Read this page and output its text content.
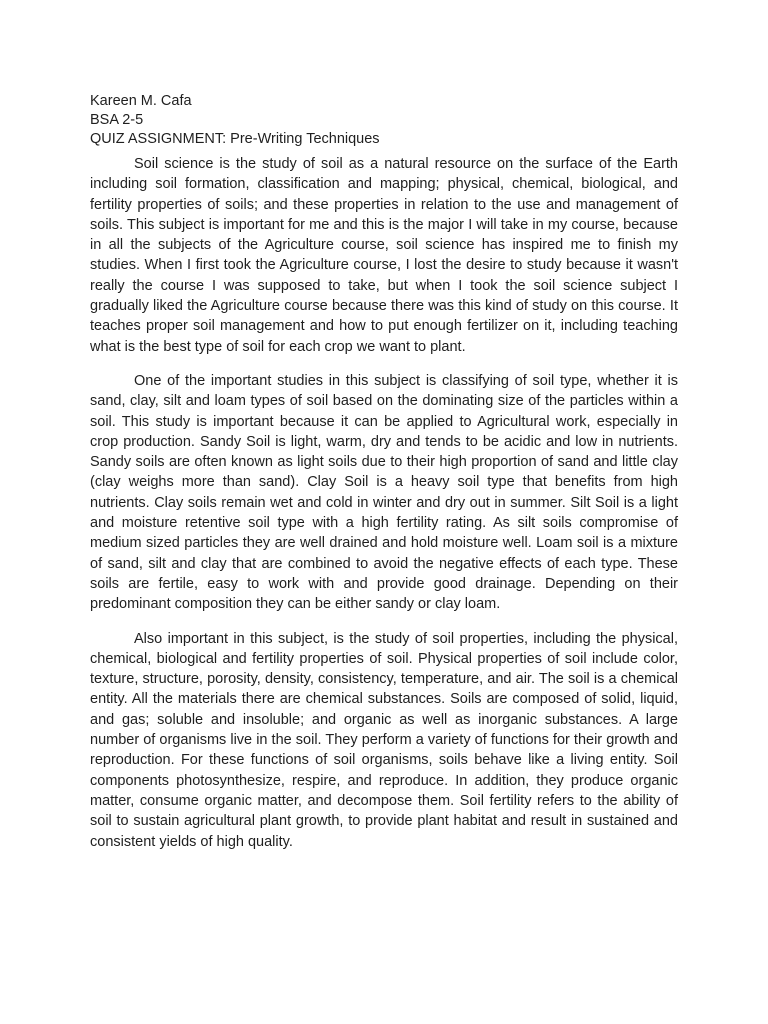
Kareen M. Cafa

BSA 2-5

QUIZ ASSIGNMENT: Pre-Writing Techniques

Soil science is the study of soil as a natural resource on the surface of the Earth including soil formation, classification and mapping; physical, chemical, biological, and fertility properties of soils; and these properties in relation to the use and management of soils. This subject is important for me and this is the major I will take in my course, because in all the subjects of the Agriculture course, soil science has inspired me to finish my studies. When I first took the Agriculture course, I lost the desire to study because it wasn't really the course I was supposed to take, but when I took the soil science subject I gradually liked the Agriculture course because there was this kind of study on this course. It teaches proper soil management and how to put enough fertilizer on it, including teaching what is the best type of soil for each crop we want to plant.

One of the important studies in this subject is classifying of soil type, whether it is sand, clay, silt and loam types of soil based on the dominating size of the particles within a soil. This study is important because it can be applied to Agricultural work, especially in crop production. Sandy Soil is light, warm, dry and tends to be acidic and low in nutrients. Sandy soils are often known as light soils due to their high proportion of sand and little clay (clay weighs more than sand). Clay Soil is a heavy soil type that benefits from high nutrients. Clay soils remain wet and cold in winter and dry out in summer. Silt Soil is a light and moisture retentive soil type with a high fertility rating. As silt soils compromise of medium sized particles they are well drained and hold moisture well. Loam soil is a mixture of sand, silt and clay that are combined to avoid the negative effects of each type. These soils are fertile, easy to work with and provide good drainage. Depending on their predominant composition they can be either sandy or clay loam.

Also important in this subject, is the study of soil properties, including the physical, chemical, biological and fertility properties of soil. Physical properties of soil include color, texture, structure, porosity, density, consistency, temperature, and air. The soil is a chemical entity. All the materials there are chemical substances. Soils are composed of solid, liquid, and gas; soluble and insoluble; and organic as well as inorganic substances. A large number of organisms live in the soil. They perform a variety of functions for their growth and reproduction. For these functions of soil organisms, soils behave like a living entity. Soil components photosynthesize, respire, and reproduce. In addition, they produce organic matter, consume organic matter, and decompose them. Soil fertility refers to the ability of soil to sustain agricultural plant growth, to provide plant habitat and result in sustained and consistent yields of high quality.
